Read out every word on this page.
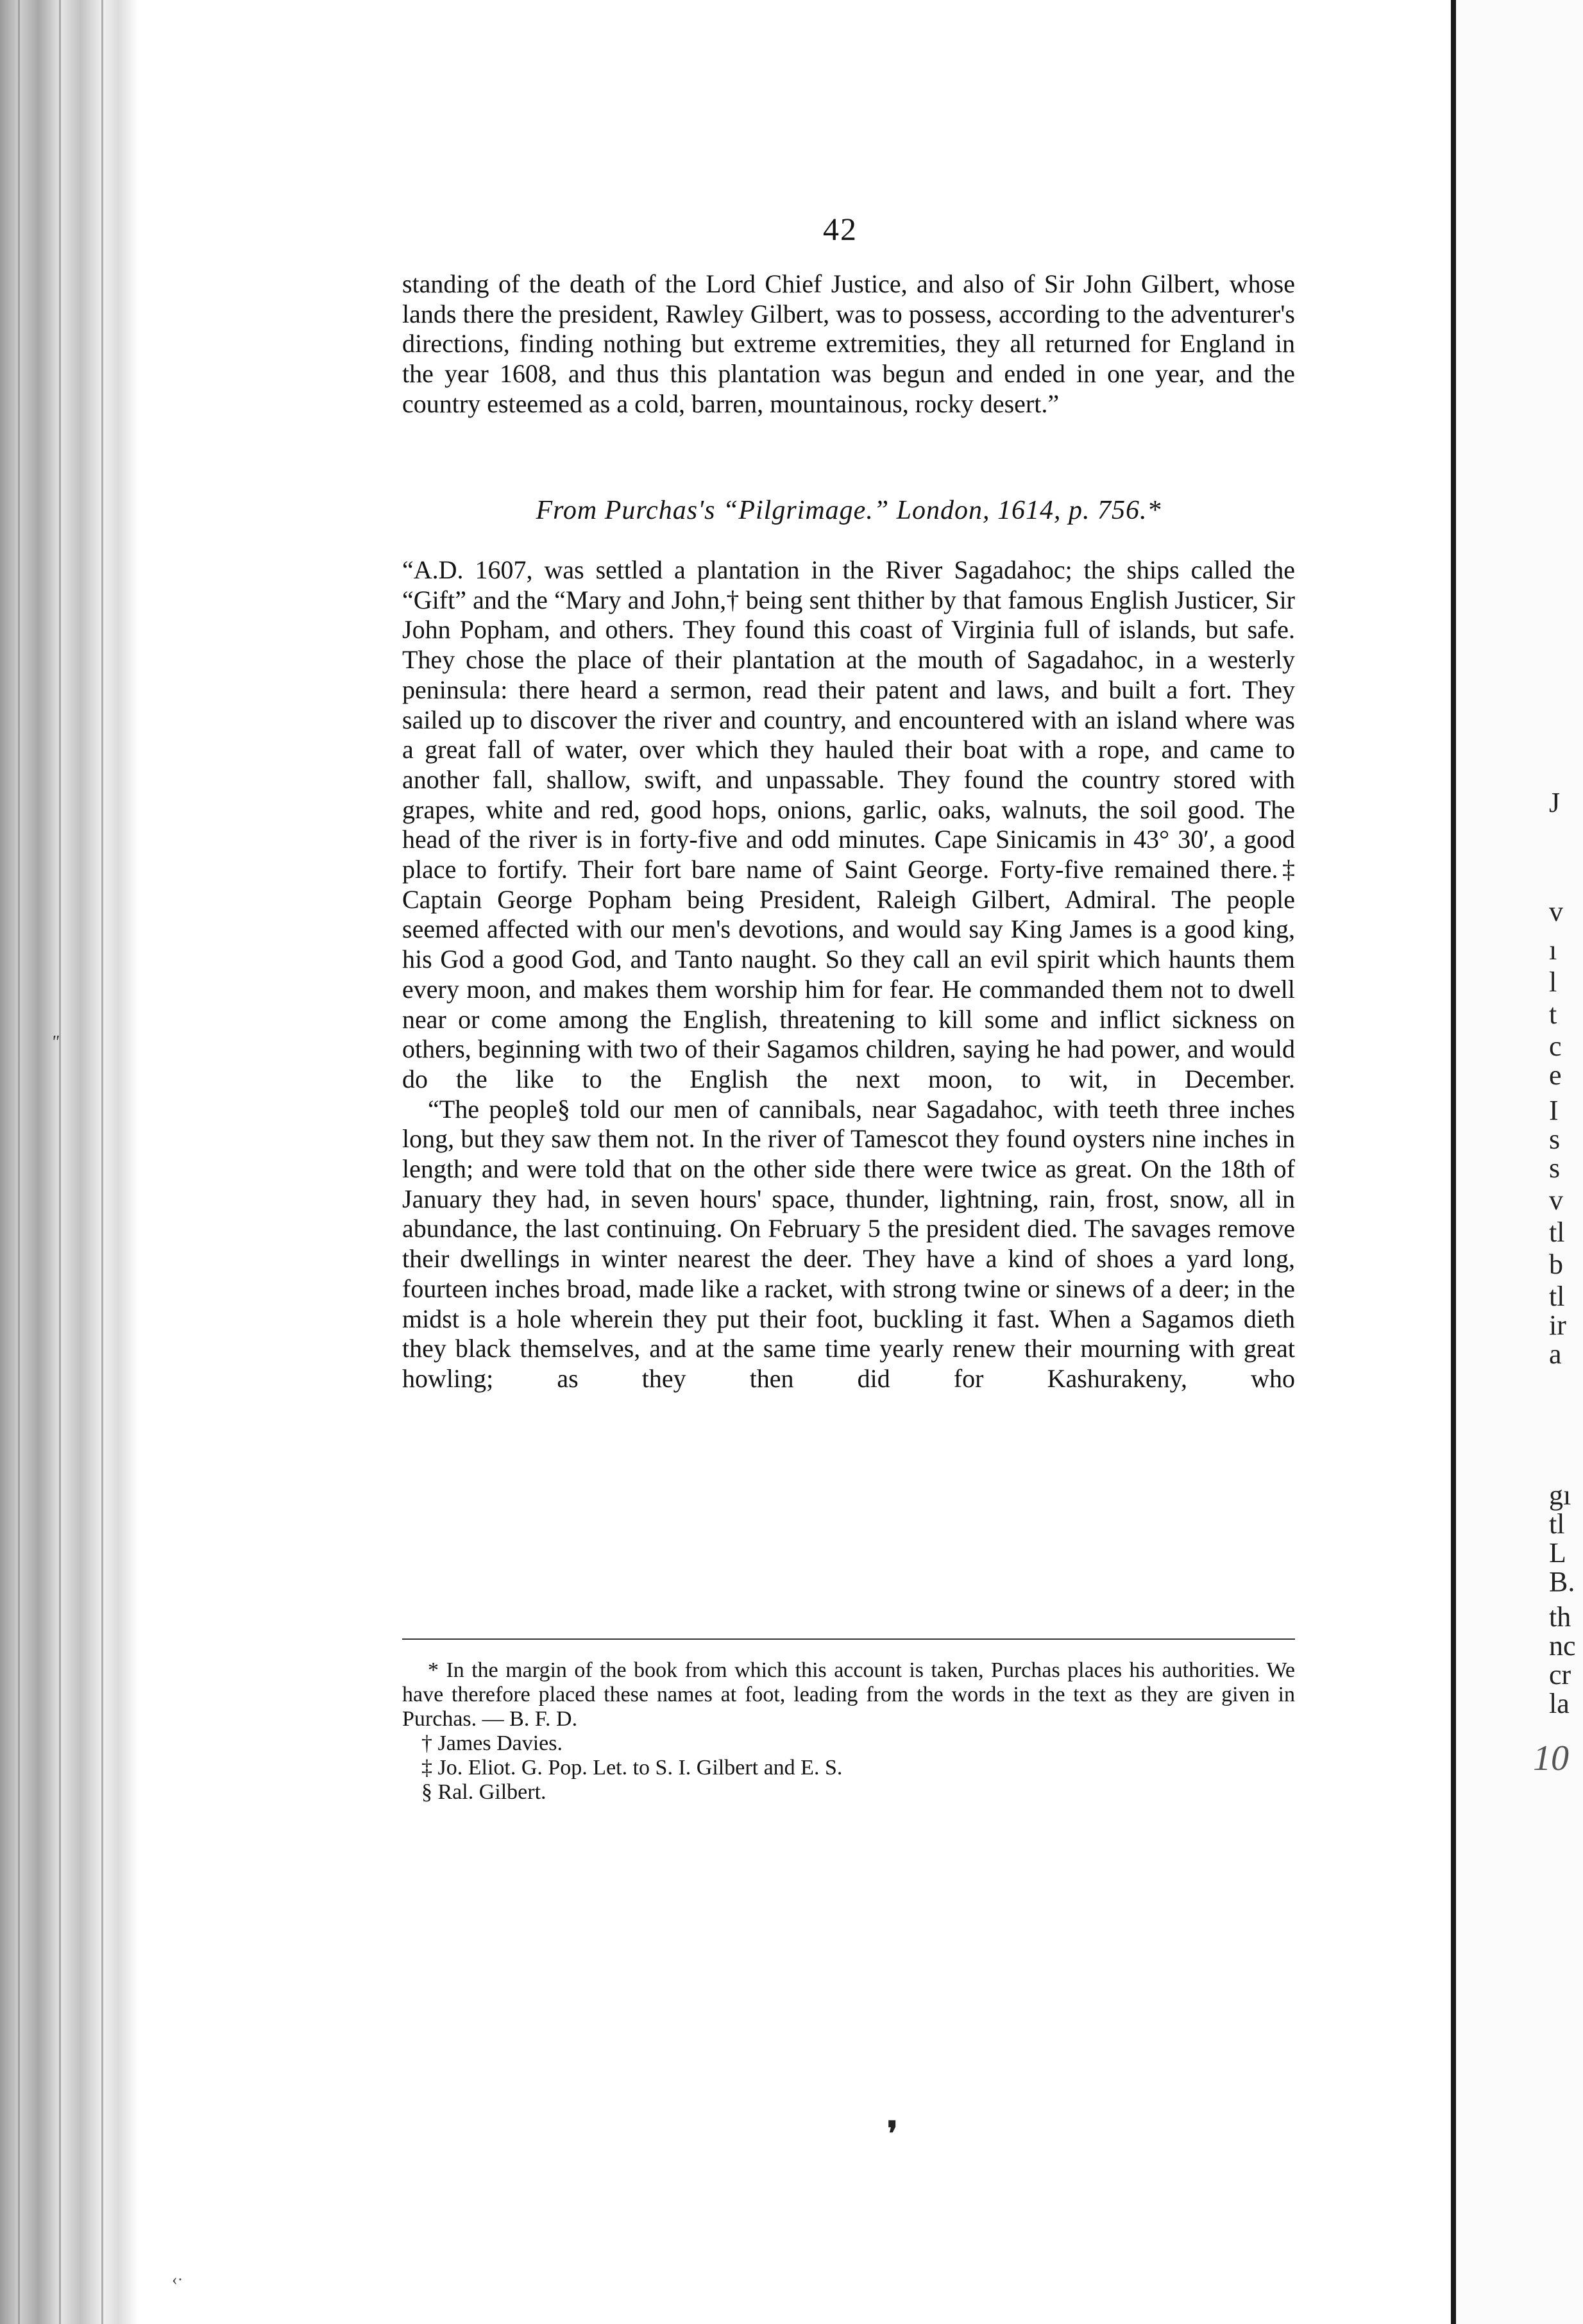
"
J
v
ı
l
t
c
e
I
s
s
v
tl
b
tl
ir
a
gı
tl
L
B.
th
nc
cr
la
10
42

standing of the death of the Lord Chief Justice, and also of Sir John Gilbert, whose lands there the president, Rawley Gilbert, was to possess, according to the adventurer's directions, finding nothing but extreme extremities, they all returned for England in the year 1608, and thus this plantation was begun and ended in one year, and the country esteemed as a cold, barren, mountainous, rocky desert.”

From Purchas's “Pilgrimage.” London, 1614, p. 756.*

“A.D. 1607, was settled a plantation in the River Sagadahoc; the ships called the “Gift” and the “Mary and John,† being sent thither by that famous English Justicer, Sir John Popham, and others. They found this coast of Virginia full of islands, but safe. They chose the place of their plantation at the mouth of Sagadahoc, in a westerly peninsula: there heard a sermon, read their patent and laws, and built a fort. They sailed up to discover the river and country, and encountered with an island where was a great fall of water, over which they hauled their boat with a rope, and came to another fall, shallow, swift, and unpassable. They found the country stored with grapes, white and red, good hops, onions, garlic, oaks, walnuts, the soil good. The head of the river is in forty-five and odd minutes. Cape Sinicamis in 43° 30′, a good place to fortify. Their fort bare name of Saint George. Forty-five remained there.‡ Captain George Popham being President, Raleigh Gilbert, Admiral. The people seemed affected with our men's devotions, and would say King James is a good king, his God a good God, and Tanto naught. So they call an evil spirit which haunts them every moon, and makes them worship him for fear. He commanded them not to dwell near or come among the English, threatening to kill some and inflict sickness on others, beginning with two of their Sagamos children, saying he had power, and would do the like to the English the next moon, to wit, in December.

“The people§ told our men of cannibals, near Sagadahoc, with teeth three inches long, but they saw them not. In the river of Tamescot they found oysters nine inches in length; and were told that on the other side there were twice as great. On the 18th of January they had, in seven hours' space, thunder, lightning, rain, frost, snow, all in abundance, the last continuing. On February 5 the president died. The savages remove their dwellings in winter nearest the deer. They have a kind of shoes a yard long, fourteen inches broad, made like a racket, with strong twine or sinews of a deer; in the midst is a hole wherein they put their foot, buckling it fast. When a Sagamos dieth they black themselves, and at the same time yearly renew their mourning with great howling; as they then did for Kashurakeny, who

* In the margin of the book from which this account is taken, Purchas places his authorities. We have therefore placed these names at foot, leading from the words in the text as they are given in Purchas. — B. F. D.

† James Davies.

‡ Jo. Eliot. G. Pop. Let. to S. I. Gilbert and E. S.

§ Ral. Gilbert.

❜
‹·
